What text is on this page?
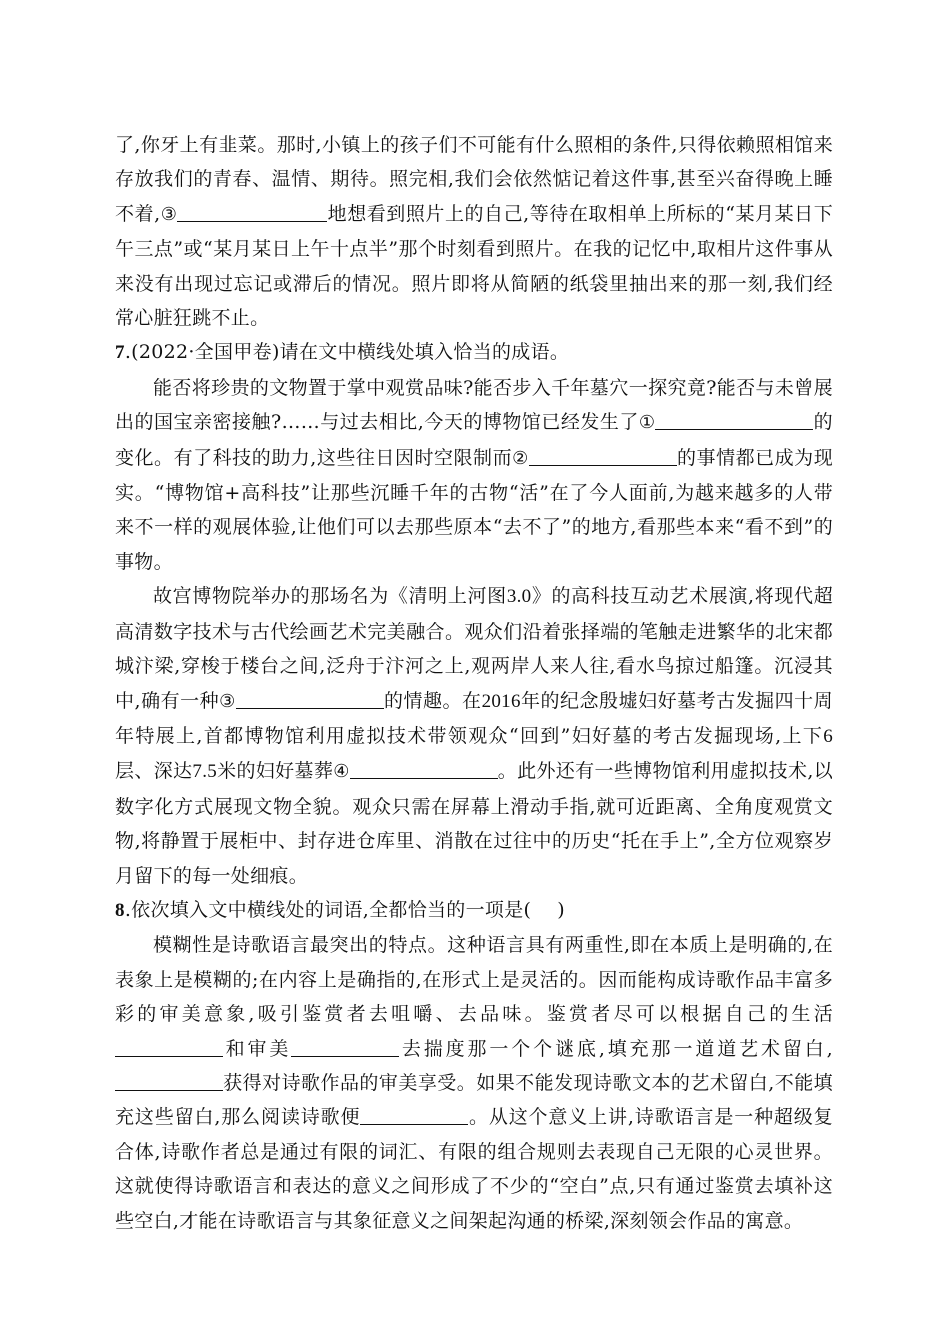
了,你牙上有韭菜。那时,小镇上的孩子们不可能有什么照相的条件,只得依赖照相馆来存放我们的青春、温情、期待。照完相,我们会依然惦记着这件事,甚至兴奋得晚上睡不着,③	地想看到照片上的自己,等待在取相单上所标的“某月某日下午三点”或“某月某日上午十点半”那个时刻看到照片。在我的记忆中,取相片这件事从来没有出现过忘记或滞后的情况。照片即将从简陋的纸袋里抽出来的那一刻,我们经常心脏狂跳不止。

7.(2022·全国甲卷)请在文中横线处填入恰当的成语。

能否将珍贵的文物置于掌中观赏品味?能否步入千年墓穴一探究竟?能否与未曾展出的国宝亲密接触?……与过去相比,今天的博物馆已经发生了①	的变化。有了科技的助力,这些往日因时空限制而②	的事情都已成为现实。“博物馆+高科技”让那些沉睡千年的古物“活”在了今人面前,为越来越多的人带来不一样的观展体验,让他们可以去那些原本“去不了”的地方,看那些本来“看不到”的事物。

故宫博物院举办的那场名为《清明上河图3.0》的高科技互动艺术展演,将现代超高清数字技术与古代绘画艺术完美融合。观众们沿着张择端的笔触走进繁华的北宋都城汴梁,穿梭于楼台之间,泛舟于汴河之上,观两岸人来人往,看水鸟掠过船篷。沉浸其中,确有一种③	的情趣。在2016年的纪念殷墟妇好墓考古发掘四十周年特展上,首都博物馆利用虚拟技术带领观众“回到”妇好墓的考古发掘现场,上下6层、深达7.5米的妇好墓葬④	。此外还有一些博物馆利用虚拟技术,以数字化方式展现文物全貌。观众只需在屏幕上滑动手指,就可近距离、全角度观赏文物,将静置于展柜中、封存进仓库里、消散在过往中的历史“托在手上”,全方位观察岁月留下的每一处细痕。

8.依次填入文中横线处的词语,全都恰当的一项是( )

模糊性是诗歌语言最突出的特点。这种语言具有两重性,即在本质上是明确的,在表象上是模糊的;在内容上是确指的,在形式上是灵活的。因而能构成诗歌作品丰富多彩的审美意象,吸引鉴赏者去咀嚼、去品味。鉴赏者尽可以根据自己的生活和审美	去揣度那一个个谜底,填充那一道道艺术留白,获得对诗歌作品的审美享受。如果不能发现诗歌文本的艺术留白,不能填充这些留白,那么阅读诗歌便	。从这个意义上讲,诗歌语言是一种超级复合体,诗歌作者总是通过有限的词汇、有限的组合规则去表现自己无限的心灵世界。这就使得诗歌语言和表达的意义之间形成了不少的“空白”点,只有通过鉴赏去填补这些空白,才能在诗歌语言与其象征意义之间架起沟通的桥梁,深刻领会作品的寓意。
